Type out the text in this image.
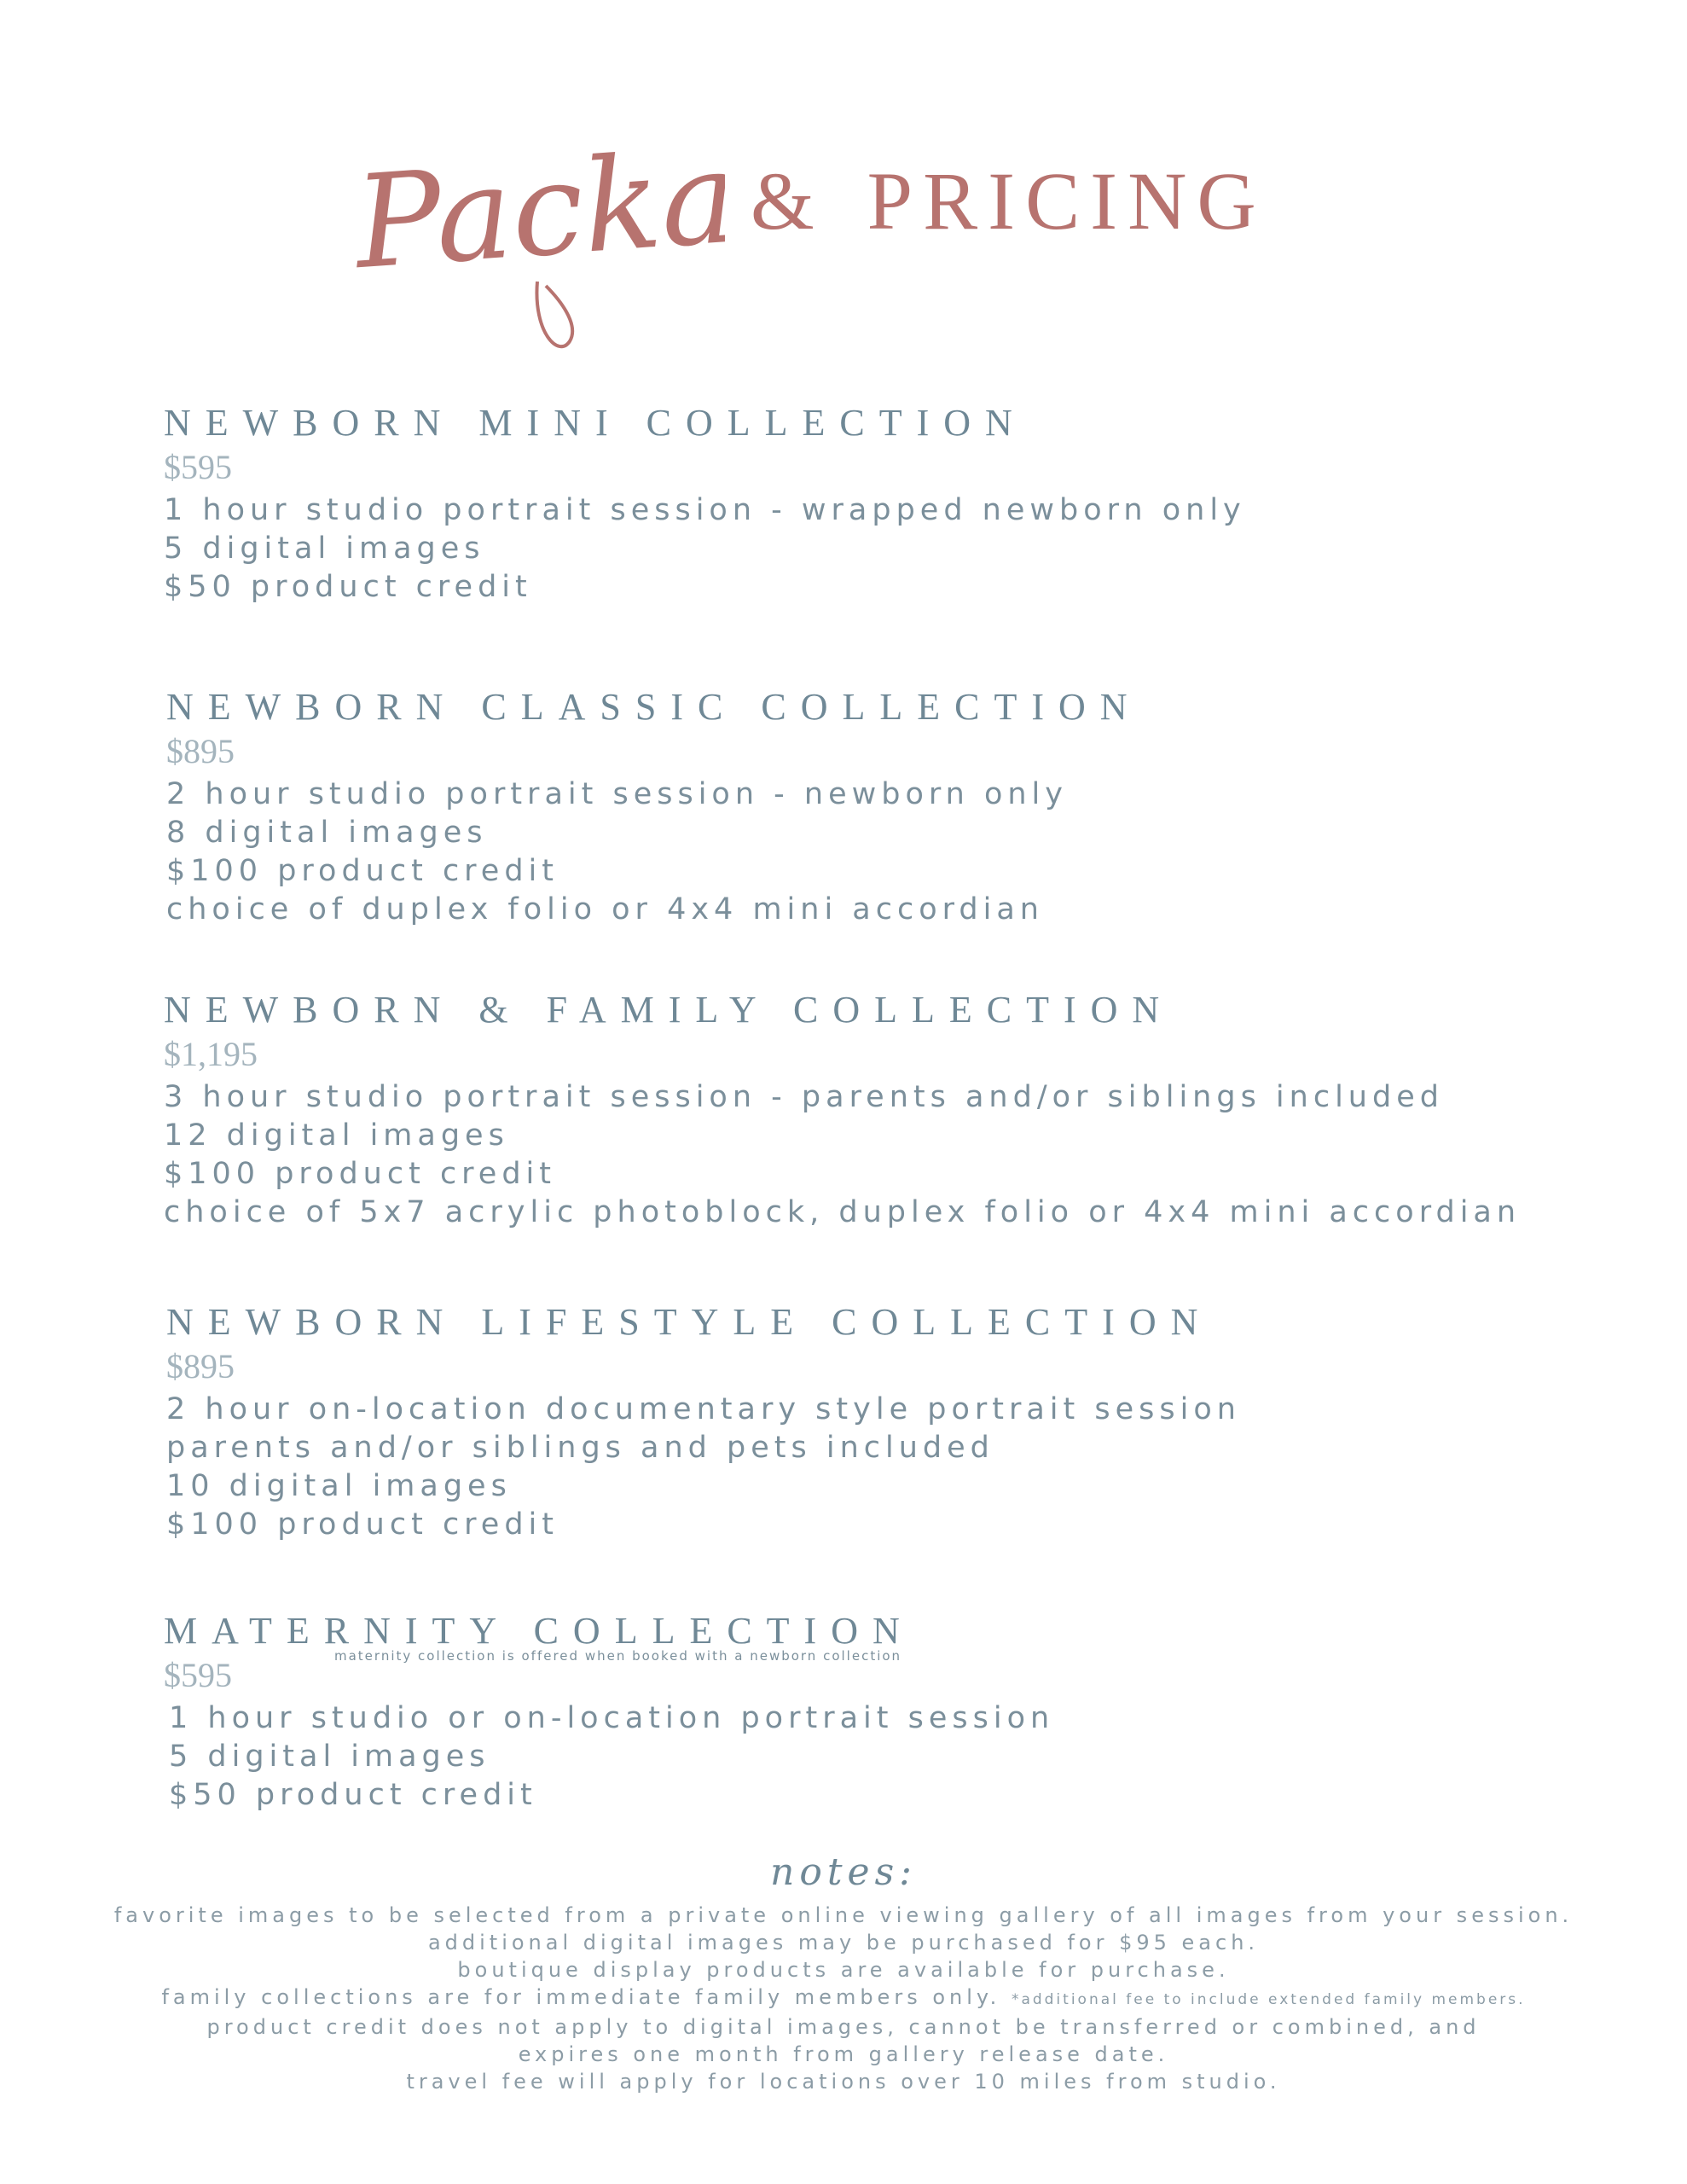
Packages
& PRICING
NEWBORN MINI COLLECTION
$595
1 hour studio portrait session - wrapped newborn only
5 digital images
$50 product credit
NEWBORN CLASSIC COLLECTION
$895
2 hour studio portrait session - newborn only
8 digital images
$100 product credit
choice of duplex folio or 4x4 mini accordian
NEWBORN & FAMILY COLLECTION
$1,195
3 hour studio portrait session - parents and/or siblings included
12 digital images
$100 product credit
choice of 5x7 acrylic photoblock, duplex folio or 4x4 mini accordian
NEWBORN LIFESTYLE COLLECTION
$895
2 hour on-location documentary style portrait session
parents and/or siblings and pets included
10 digital images
$100 product credit
MATERNITY COLLECTION
maternity collection is offered when booked with a newborn collection
$595
1 hour studio or on-location portrait session
5 digital images
$50 product credit
notes:
favorite images to be selected from a private online viewing gallery of all images from your session.
additional digital images may be purchased for $95 each.
boutique display products are available for purchase.
family collections are for immediate family members only. *additional fee to include extended family members.
product credit does not apply to digital images, cannot be transferred or combined, and
expires one month from gallery release date.
travel fee will apply for locations over 10 miles from studio.
